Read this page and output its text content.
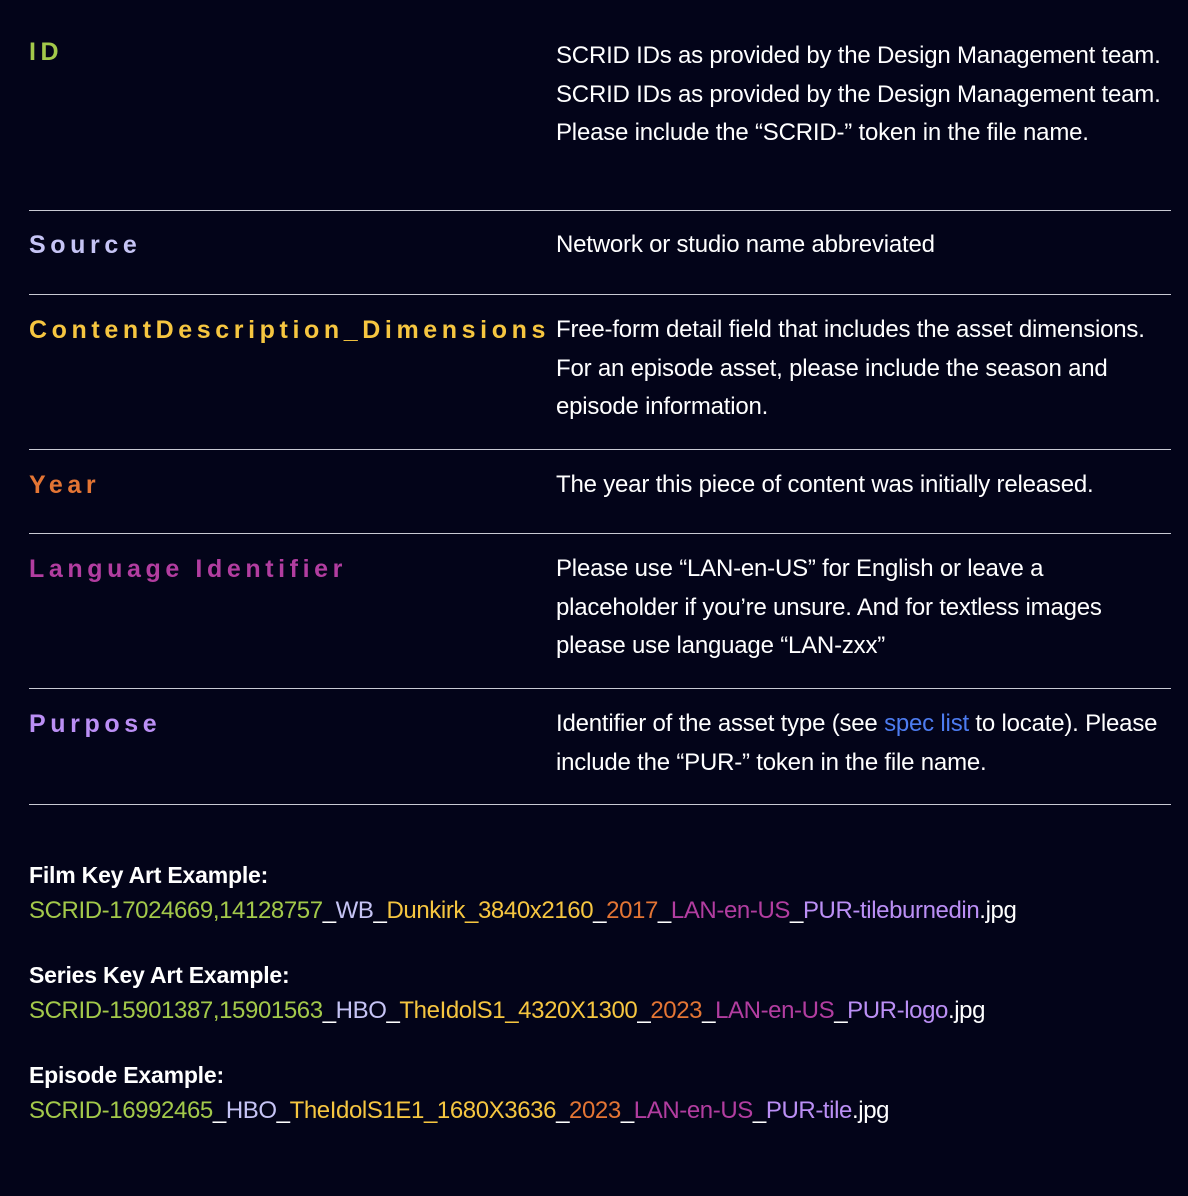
ID	SCRID IDs as provided by the Design Management team. SCRID IDs as provided by the Design Management team. Please include the “SCRID-” token in the file name.
Source	Network or studio name abbreviated
ContentDescription_Dimensions Free-form detail field that includes the asset dimensions. For an episode asset, please include the season and episode information.
Year	The year this piece of content was initially released.
Language Identifier	Please use “LAN-en-US” for English or leave a placeholder if you’re unsure. And for textless images please use language “LAN-zxx”
Purpose	Identifier of the asset type (see spec list to locate). Please include the “PUR-” token in the file name.
Film Key Art Example:
SCRID-17024669,14128757_WB_Dunkirk_3840x2160_2017_LAN-en-US_PUR-tileburnedin.jpg
Series Key Art Example:
SCRID-15901387,15901563_HBO_TheIdolS1_4320X1300_2023_LAN-en-US_PUR-logo.jpg
Episode Example:
SCRID-16992465_HBO_TheIdolS1E1_1680X3636_2023_LAN-en-US_PUR-tile.jpg
